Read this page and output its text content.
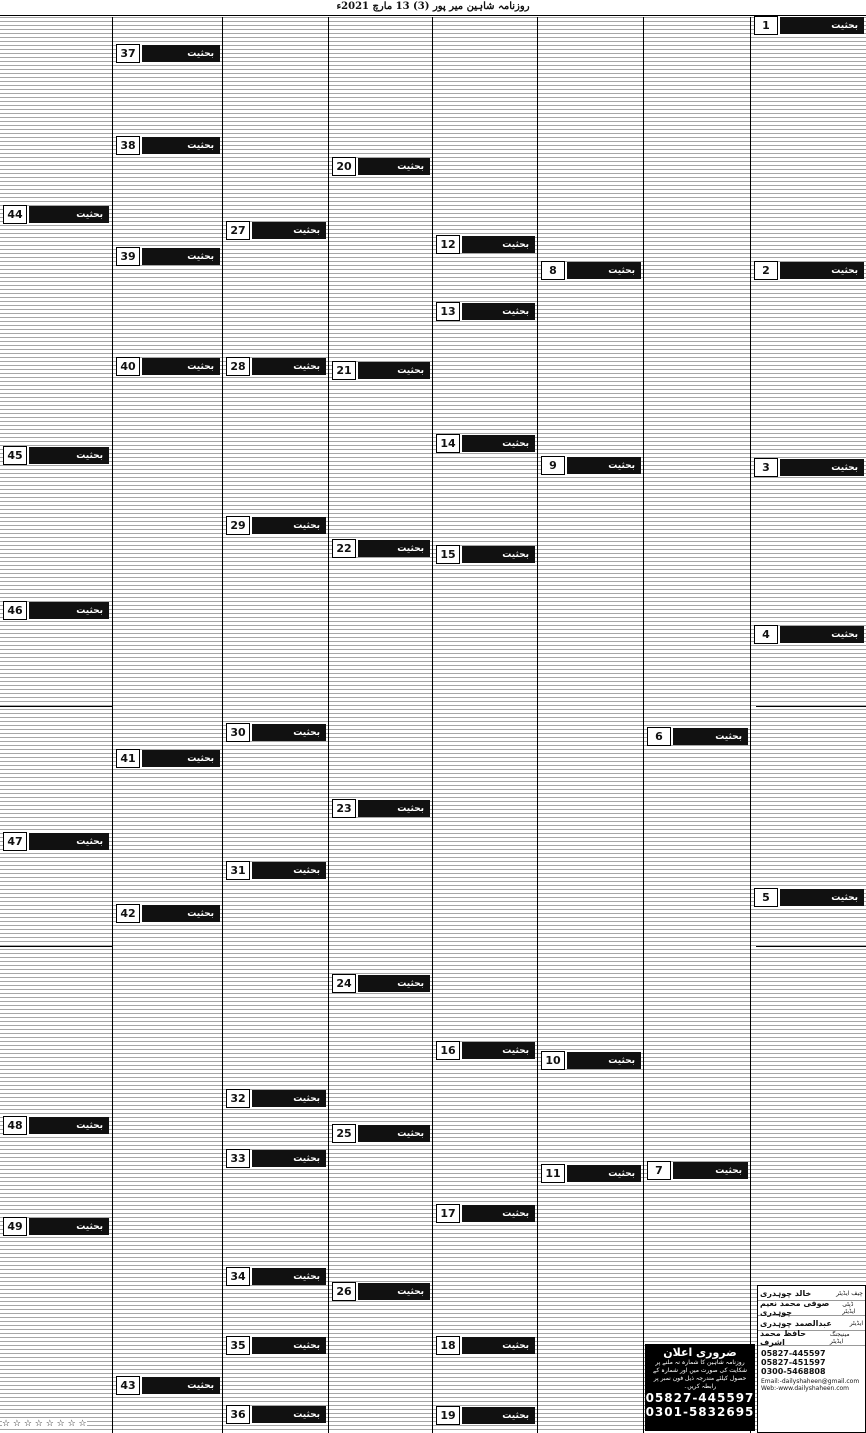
روزنامہ شاہین میر پور (3) 13 مارچ 2021ء
44	بحثیت
45	بحثیت
46	بحثیت
47	بحثیت
48	بحثیت
49	بحثیت
37	بحثیت
38	بحثیت
39	بحثیت
40	بحثیت
41	بحثیت
42	بحثیت
43	بحثیت
27	بحثیت
28	بحثیت
29	بحثیت
30	بحثیت
31	بحثیت
32	بحثیت
33	بحثیت
34	بحثیت
35	بحثیت
36	بحثیت
20	بحثیت
21	بحثیت
22	بحثیت
23	بحثیت
24	بحثیت
25	بحثیت
26	بحثیت
12	بحثیت
13	بحثیت
14	بحثیت
15	بحثیت
16	بحثیت
17	بحثیت
18	بحثیت
19	بحثیت
8	بحثیت
9	بحثیت
10	بحثیت
11	بحثیت
6	بحثیت
7	بحثیت
1	بحثیت
2	بحثیت
3	بحثیت
4	بحثیت
5	بحثیت
خالد چوہدری	چیف ایڈیٹر
صوفی محمد نعیم چوہدری
ڈپٹی ایڈیٹر
عبدالصمد چوہدری	ایڈیٹر
حافظ محمد اشرف
مینیجنگ ایڈیٹر
05827-445597
05827-451597
0300-5468808
Email:-dailyshaheen@gmail.com
Web:-www.dailyshaheen.com
ضروری اعلان
روزنامہ شاہین کا شمارہ نہ ملنے پر شکایت کی صورت میں اور شمارہ کے حصول کیلئے مندرجہ ذیل فون نمبر پر رابطہ کریں۔
05827-445597
0301-5832695
☆ ☆ ☆ ☆ ☆ ☆ ☆ ☆
